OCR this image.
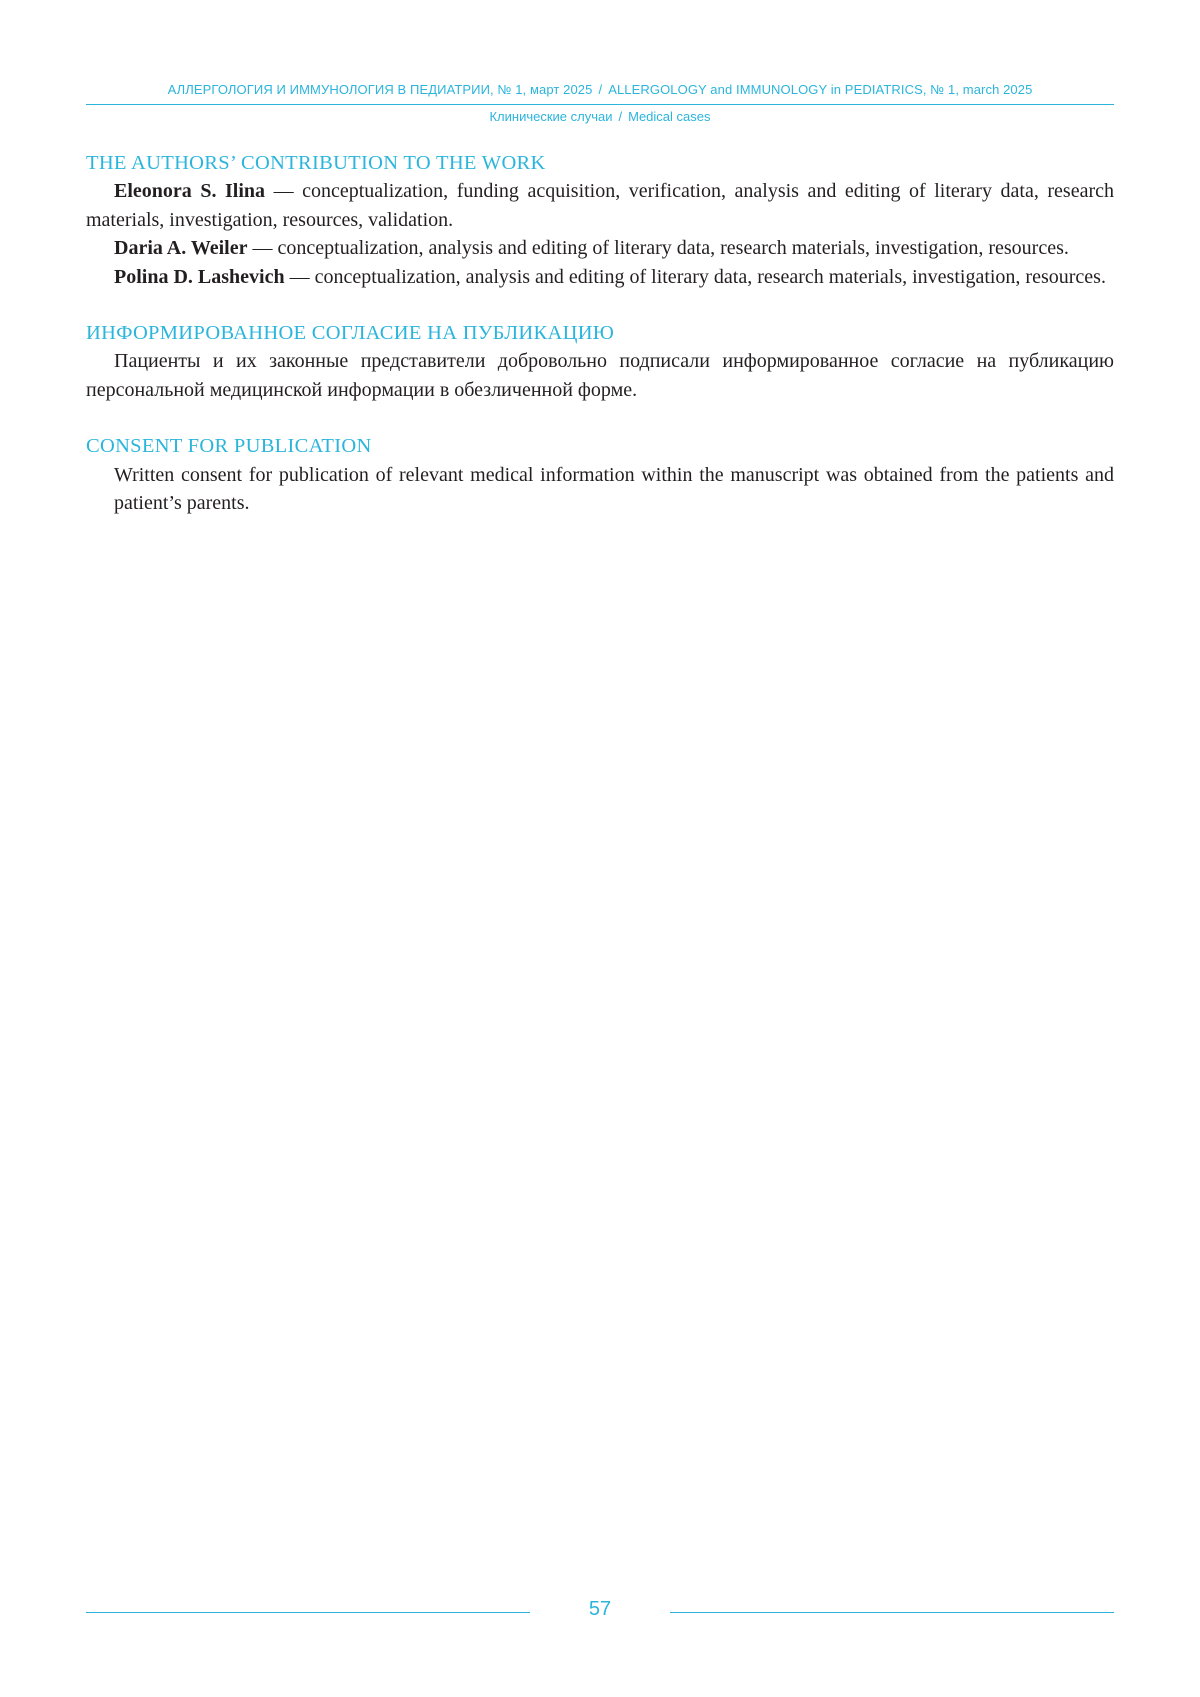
АЛЛЕРГОЛОГИЯ И ИММУНОЛОГИЯ В ПЕДИАТРИИ, № 1, март 2025 / ALLERGOLOGY and IMMUNOLOGY in PEDIATRICS, № 1, march 2025
Клинические случаи / Medical cases
THE AUTHORS’ CONTRIBUTION TO THE WORK

Eleonora S. Ilina — conceptualization, funding acquisition, verification, analysis and editing of literary data, research materials, investigation, resources, validation.

Daria A. Weiler — conceptualization, analysis and editing of literary data, research materials, investigation, resources.

Polina D. Lashevich — conceptualization, analysis and editing of literary data, research materials, investigation, resources.

ИНФОРМИРОВАННОЕ СОГЛАСИЕ НА ПУБЛИКАЦИЮ

Пациенты и их законные представители добровольно подписали информированное согласие на публикацию персональной медицинской информации в обезличенной форме.

CONSENT FOR PUBLICATION

Written consent for publication of relevant medical information within the manuscript was obtained from the patients and patient’s parents.

57
